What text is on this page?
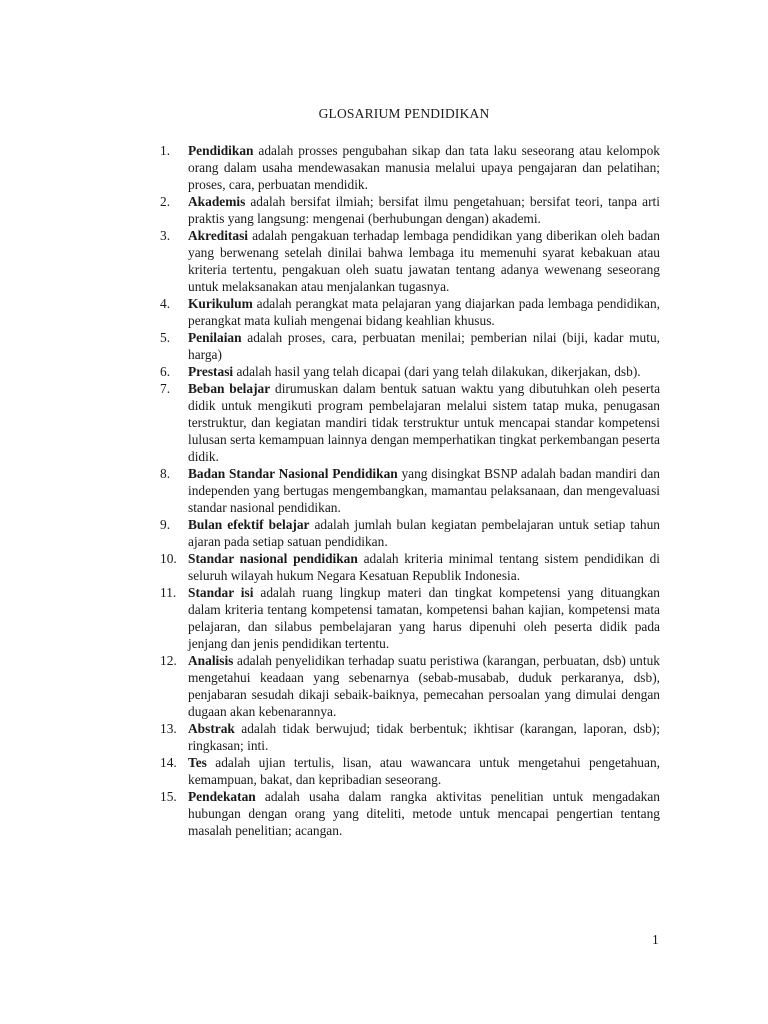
GLOSARIUM PENDIDIKAN
1.	Pendidikan adalah prosses pengubahan sikap dan tata laku seseorang atau kelompok orang dalam usaha mendewasakan manusia melalui upaya pengajaran dan pelatihan; proses, cara, perbuatan mendidik.
2.	Akademis adalah bersifat ilmiah; bersifat ilmu pengetahuan; bersifat teori, tanpa arti praktis yang langsung: mengenai (berhubungan dengan) akademi.
3.	Akreditasi adalah pengakuan terhadap lembaga pendidikan yang diberikan oleh badan yang berwenang setelah dinilai bahwa lembaga itu memenuhi syarat kebakuan atau kriteria tertentu, pengakuan oleh suatu jawatan tentang adanya wewenang seseorang untuk melaksanakan atau menjalankan tugasnya.
4.	Kurikulum adalah perangkat mata pelajaran yang diajarkan pada lembaga pendidikan, perangkat mata kuliah mengenai bidang keahlian khusus.
5.	Penilaian adalah proses, cara, perbuatan menilai; pemberian nilai (biji, kadar mutu, harga)
6.	Prestasi adalah hasil yang telah dicapai (dari yang telah dilakukan, dikerjakan, dsb).
7.	Beban belajar dirumuskan dalam bentuk satuan waktu yang dibutuhkan oleh peserta didik untuk mengikuti program pembelajaran melalui sistem tatap muka, penugasan terstruktur, dan kegiatan mandiri tidak terstruktur untuk mencapai standar kompetensi lulusan serta kemampuan lainnya dengan memperhatikan tingkat perkembangan peserta didik.
8.	Badan Standar Nasional Pendidikan yang disingkat BSNP adalah badan mandiri dan independen yang bertugas mengembangkan, mamantau pelaksanaan, dan mengevaluasi standar nasional pendidikan.
9.	Bulan efektif belajar adalah jumlah bulan kegiatan pembelajaran untuk setiap tahun ajaran pada setiap satuan pendidikan.
10. Standar nasional pendidikan adalah kriteria minimal tentang sistem pendidikan di seluruh wilayah hukum Negara Kesatuan Republik Indonesia.
11. Standar isi adalah ruang lingkup materi dan tingkat kompetensi yang dituangkan dalam kriteria tentang kompetensi tamatan, kompetensi bahan kajian, kompetensi mata pelajaran, dan silabus pembelajaran yang harus dipenuhi oleh peserta didik pada jenjang dan jenis pendidikan tertentu.
12. Analisis adalah penyelidikan terhadap suatu peristiwa (karangan, perbuatan, dsb) untuk mengetahui keadaan yang sebenarnya (sebab-musabab, duduk perkaranya, dsb), penjabaran sesudah dikaji sebaik-baiknya, pemecahan persoalan yang dimulai dengan dugaan akan kebenarannya.
13. Abstrak adalah tidak berwujud; tidak berbentuk; ikhtisar (karangan, laporan, dsb); ringkasan; inti.
14. Tes adalah ujian tertulis, lisan, atau wawancara untuk mengetahui pengetahuan, kemampuan, bakat, dan kepribadian seseorang.
15. Pendekatan adalah usaha dalam rangka aktivitas penelitian untuk mengadakan hubungan dengan orang yang diteliti, metode untuk mencapai pengertian tentang masalah penelitian; acangan.
1
